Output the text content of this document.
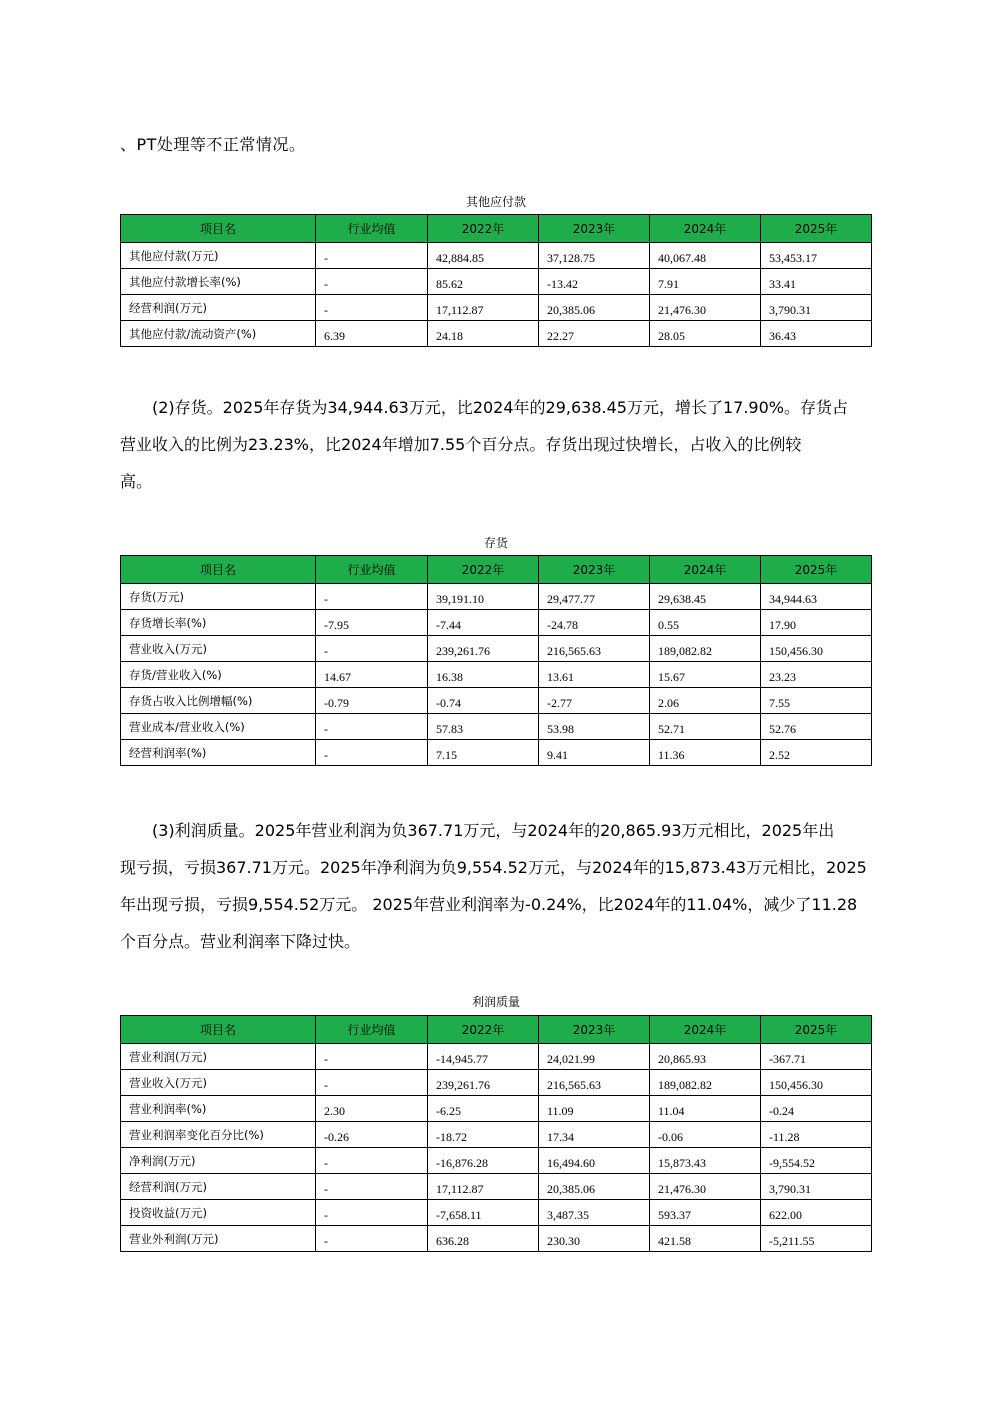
、PT处理等不正常情况。
其他应付款
项目名	行业均值	2022年	2023年	2024年	2025年
其他应付款(万元)	-	42,884.85	37,128.75	40,067.48	53,453.17
其他应付款增长率(%)	-	85.62	-13.42	7.91	33.41
经营利润(万元)	-	17,112.87	20,385.06	21,476.30	3,790.31
其他应付款/流动资产(%)	6.39	24.18	22.27	28.05	36.43
　　(2)存货。2025年存货为34,944.63万元，比2024年的29,638.45万元，增长了17.90%。存货占
营业收入的比例为23.23%，比2024年增加7.55个百分点。存货出现过快增长，占收入的比例较
高。
存货
项目名	行业均值	2022年	2023年	2024年	2025年
存货(万元)	-	39,191.10	29,477.77	29,638.45	34,944.63
存货增长率(%)	-7.95	-7.44	-24.78	0.55	17.90
营业收入(万元)	-	239,261.76	216,565.63	189,082.82	150,456.30
存货/营业收入(%)	14.67	16.38	13.61	15.67	23.23
存货占收入比例增幅(%)	-0.79	-0.74	-2.77	2.06	7.55
营业成本/营业收入(%)	-	57.83	53.98	52.71	52.76
经营利润率(%)	-	7.15	9.41	11.36	2.52
　　(3)利润质量。2025年营业利润为负367.71万元，与2024年的20,865.93万元相比，2025年出
现亏损，亏损367.71万元。2025年净利润为负9,554.52万元，与2024年的15,873.43万元相比，2025
年出现亏损，亏损9,554.52万元。 2025年营业利润率为-0.24%，比2024年的11.04%，减少了11.28
个百分点。营业利润率下降过快。
利润质量
项目名	行业均值	2022年	2023年	2024年	2025年
营业利润(万元)	-	-14,945.77	24,021.99	20,865.93	-367.71
营业收入(万元)	-	239,261.76	216,565.63	189,082.82	150,456.30
营业利润率(%)	2.30	-6.25	11.09	11.04	-0.24
营业利润率变化百分比(%)	-0.26	-18.72	17.34	-0.06	-11.28
净利润(万元)	-	-16,876.28	16,494.60	15,873.43	-9,554.52
经营利润(万元)	-	17,112.87	20,385.06	21,476.30	3,790.31
投资收益(万元)	-	-7,658.11	3,487.35	593.37	622.00
营业外利润(万元)	-	636.28	230.30	421.58	-5,211.55
